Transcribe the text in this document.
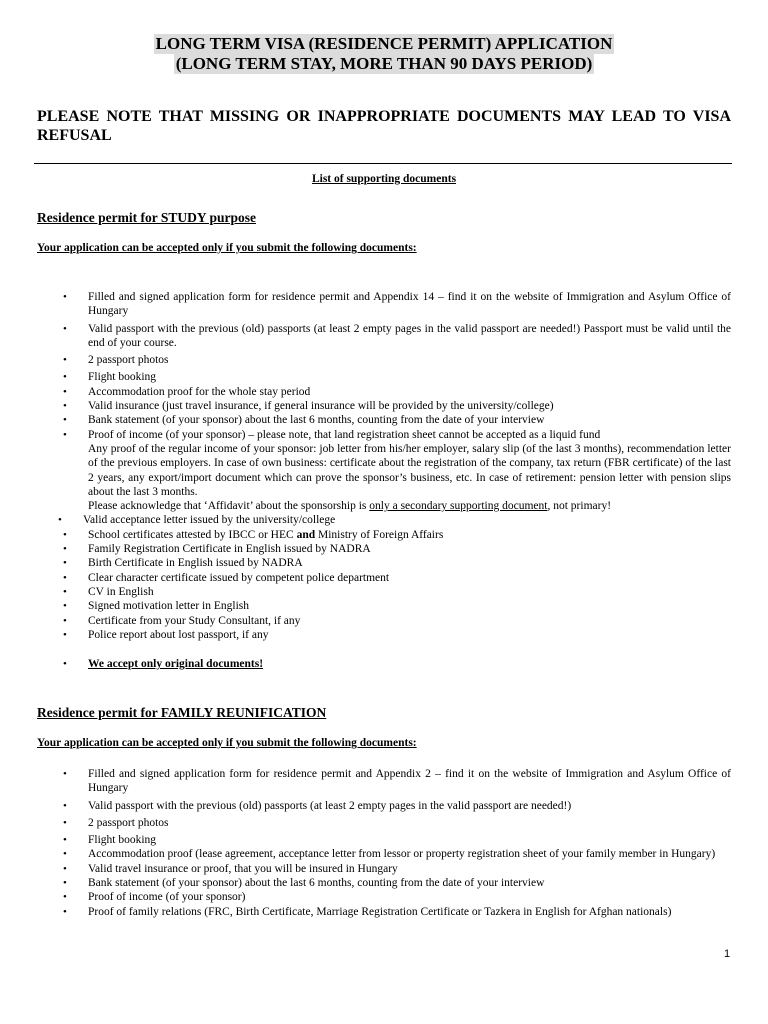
LONG TERM VISA (RESIDENCE PERMIT) APPLICATION
(LONG TERM STAY, MORE THAN 90 DAYS PERIOD)
PLEASE NOTE THAT MISSING OR INAPPROPRIATE DOCUMENTS MAY LEAD TO VISA REFUSAL
List of supporting documents
Residence permit for STUDY purpose
Your application can be accepted only if you submit the following documents:
• Filled and signed application form for residence permit and Appendix 14 – find it on the website of Immigration and Asylum Office of Hungary
• Valid passport with the previous (old) passports (at least 2 empty pages in the valid passport are needed!) Passport must be valid until the end of your course.
• 2 passport photos
• Flight booking
• Accommodation proof for the whole stay period
• Valid insurance (just travel insurance, if general insurance will be provided by the university/college)
• Bank statement (of your sponsor) about the last 6 months, counting from the date of your interview
• Proof of income (of your sponsor) – please note, that land registration sheet cannot be accepted as a liquid fund
Any proof of the regular income of your sponsor: job letter from his/her employer, salary slip (of the last 3 months), recommendation letter of the previous employers. In case of own business: certificate about the registration of the company, tax return (FBR certificate) of the last 2 years, any export/import document which can prove the sponsor’s business, etc. In case of retirement: pension letter with pension slips about the last 3 months.
Please acknowledge that ‘Affidavit’ about the sponsorship is only a secondary supporting document, not primary!
• Valid acceptance letter issued by the university/college
• School certificates attested by IBCC or HEC and Ministry of Foreign Affairs
• Family Registration Certificate in English issued by NADRA
• Birth Certificate in English issued by NADRA
• Clear character certificate issued by competent police department
• CV in English
• Signed motivation letter in English
• Certificate from your Study Consultant, if any
• Police report about lost passport, if any
• We accept only original documents!
Residence permit for FAMILY REUNIFICATION
Your application can be accepted only if you submit the following documents:
• Filled and signed application form for residence permit and Appendix 2 – find it on the website of Immigration and Asylum Office of Hungary
• Valid passport with the previous (old) passports (at least 2 empty pages in the valid passport are needed!)
• 2 passport photos
• Flight booking
• Accommodation proof (lease agreement, acceptance letter from lessor or property registration sheet of your family member in Hungary)
• Valid travel insurance or proof, that you will be insured in Hungary
• Bank statement (of your sponsor) about the last 6 months, counting from the date of your interview
• Proof of income (of your sponsor)
• Proof of family relations (FRC, Birth Certificate, Marriage Registration Certificate or Tazkera in English for Afghan nationals)
1
